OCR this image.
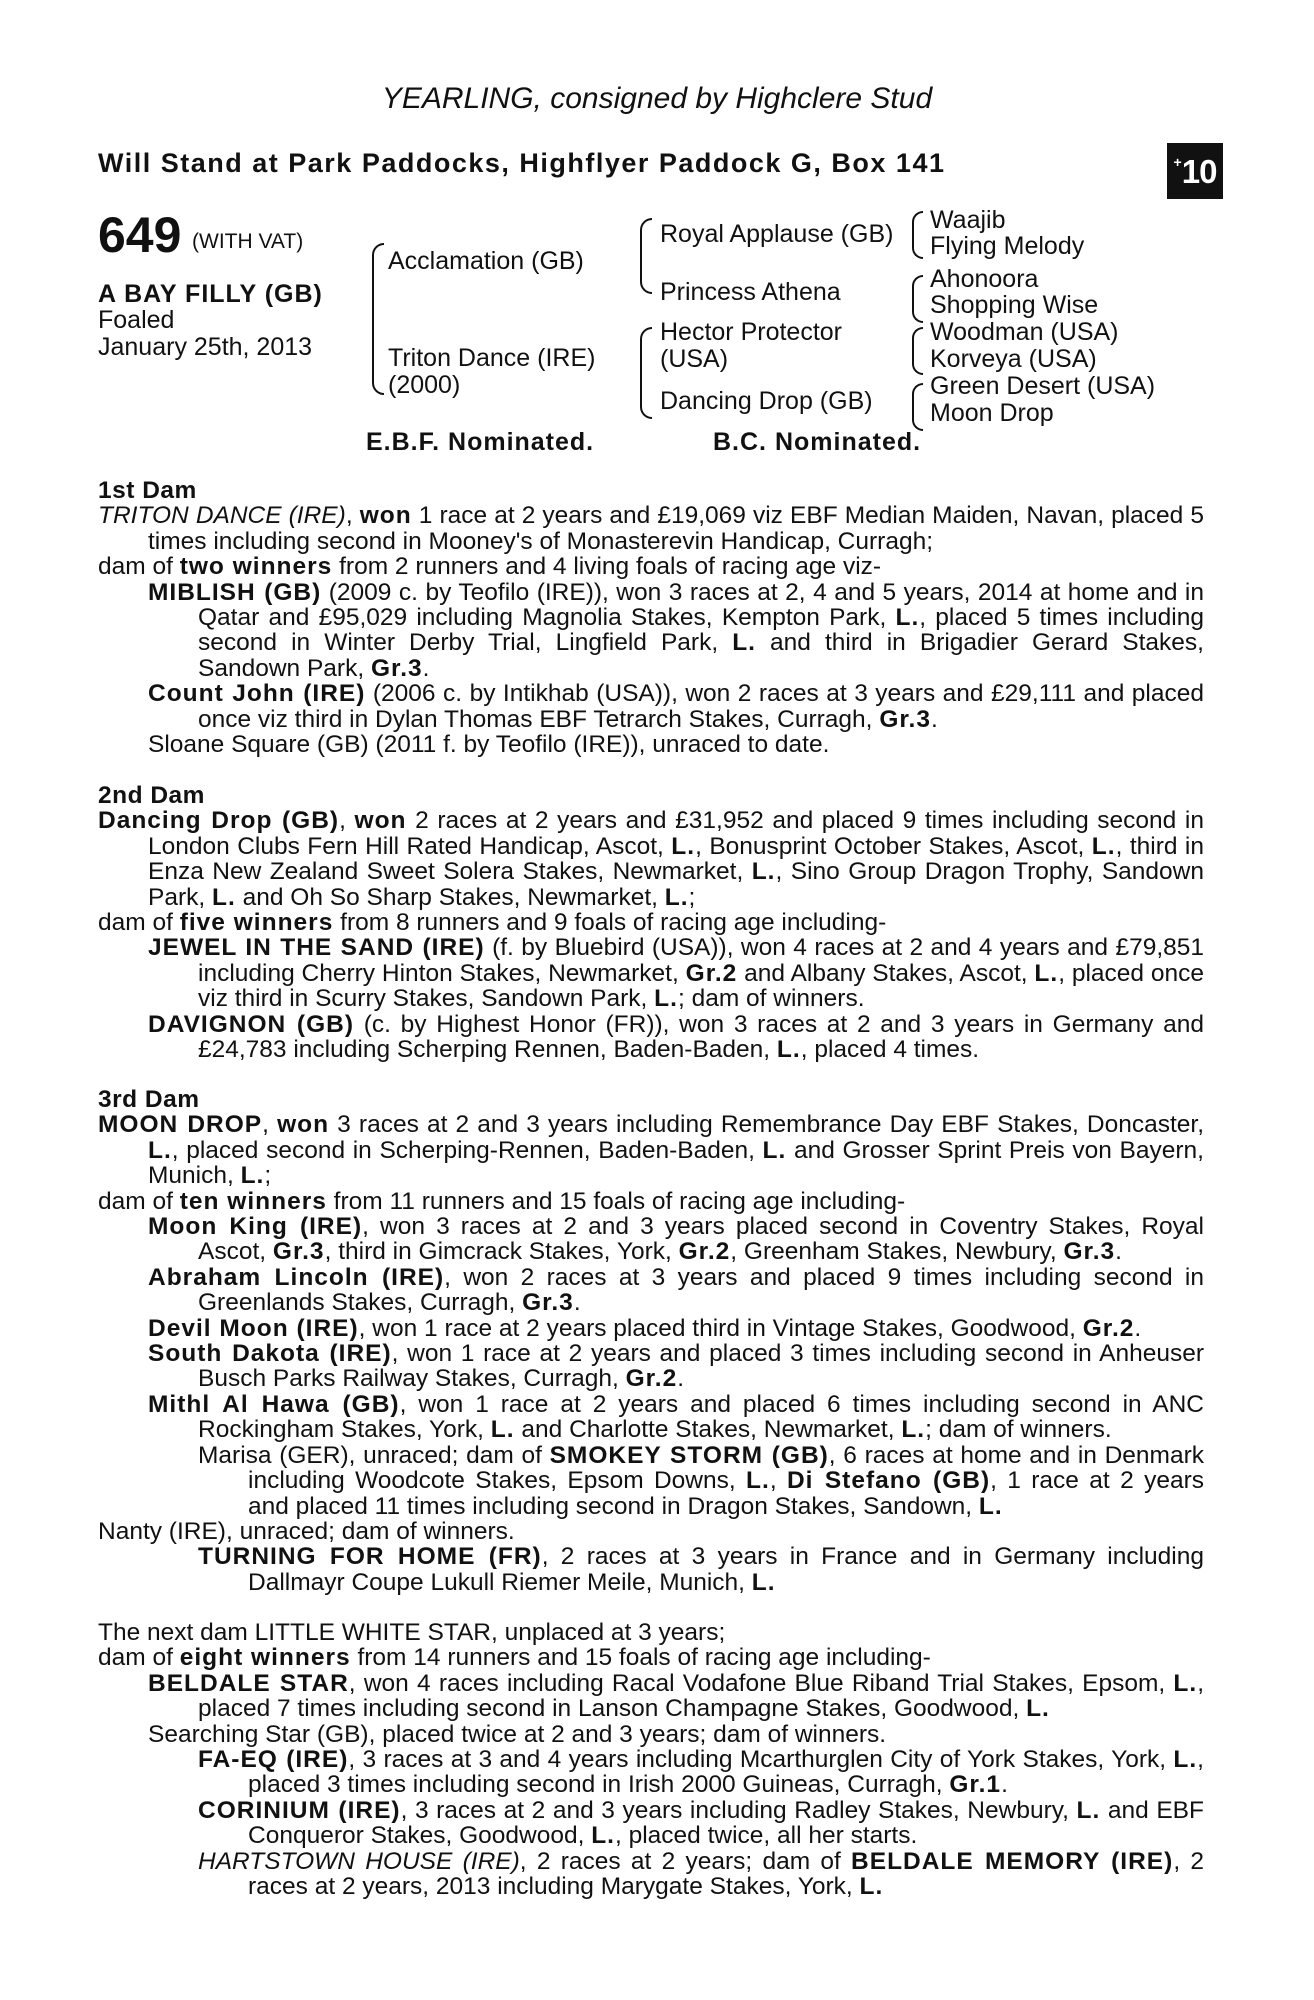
YEARLING, consigned by Highclere Stud
Will Stand at Park Paddocks, Highflyer Paddock G, Box 141	+10
649 (WITH VAT)
A BAY FILLY (GB)
Foaled
January 25th, 2013
Acclamation (GB)
Triton Dance (IRE)
(2000)
Royal Applause (GB)
Princess Athena
Hector Protector
(USA)
Dancing Drop (GB)
Waajib
Flying Melody
Ahonoora
Shopping Wise
Woodman (USA)
Korveya (USA)
Green Desert (USA)
Moon Drop
E.B.F. Nominated.	B.C. Nominated.
1st Dam
TRITON DANCE (IRE), won 1 race at 2 years and £19,069 viz EBF Median Maiden, Navan, placed 5 times including second in Mooney's of Monasterevin Handicap, Curragh;
dam of two winners from 2 runners and 4 living foals of racing age viz-
MIBLISH (GB) (2009 c. by Teofilo (IRE)), won 3 races at 2, 4 and 5 years, 2014 at home and in Qatar and £95,029 including Magnolia Stakes, Kempton Park, L., placed 5 times including second in Winter Derby Trial, Lingfield Park, L. and third in Brigadier Gerard Stakes, Sandown Park, Gr.3.
Count John (IRE) (2006 c. by Intikhab (USA)), won 2 races at 3 years and £29,111 and placed once viz third in Dylan Thomas EBF Tetrarch Stakes, Curragh, Gr.3.
Sloane Square (GB) (2011 f. by Teofilo (IRE)), unraced to date.
2nd Dam
Dancing Drop (GB), won 2 races at 2 years and £31,952 and placed 9 times including second in London Clubs Fern Hill Rated Handicap, Ascot, L., Bonusprint October Stakes, Ascot, L., third in Enza New Zealand Sweet Solera Stakes, Newmarket, L., Sino Group Dragon Trophy, Sandown Park, L. and Oh So Sharp Stakes, Newmarket, L.;
dam of five winners from 8 runners and 9 foals of racing age including-
JEWEL IN THE SAND (IRE) (f. by Bluebird (USA)), won 4 races at 2 and 4 years and £79,851 including Cherry Hinton Stakes, Newmarket, Gr.2 and Albany Stakes, Ascot, L., placed once viz third in Scurry Stakes, Sandown Park, L.; dam of winners.
DAVIGNON (GB) (c. by Highest Honor (FR)), won 3 races at 2 and 3 years in Germany and £24,783 including Scherping Rennen, Baden-Baden, L., placed 4 times.
3rd Dam
MOON DROP, won 3 races at 2 and 3 years including Remembrance Day EBF Stakes, Doncaster, L., placed second in Scherping-Rennen, Baden-Baden, L. and Grosser Sprint Preis von Bayern, Munich, L.;
dam of ten winners from 11 runners and 15 foals of racing age including-
Moon King (IRE), won 3 races at 2 and 3 years placed second in Coventry Stakes, Royal Ascot, Gr.3, third in Gimcrack Stakes, York, Gr.2, Greenham Stakes, Newbury, Gr.3.
Abraham Lincoln (IRE), won 2 races at 3 years and placed 9 times including second in Greenlands Stakes, Curragh, Gr.3.
Devil Moon (IRE), won 1 race at 2 years placed third in Vintage Stakes, Goodwood, Gr.2.
South Dakota (IRE), won 1 race at 2 years and placed 3 times including second in Anheuser Busch Parks Railway Stakes, Curragh, Gr.2.
Mithl Al Hawa (GB), won 1 race at 2 years and placed 6 times including second in ANC Rockingham Stakes, York, L. and Charlotte Stakes, Newmarket, L.; dam of winners.
Marisa (GER), unraced; dam of SMOKEY STORM (GB), 6 races at home and in Denmark including Woodcote Stakes, Epsom Downs, L., Di Stefano (GB), 1 race at 2 years and placed 11 times including second in Dragon Stakes, Sandown, L.
Nanty (IRE), unraced; dam of winners.
TURNING FOR HOME (FR), 2 races at 3 years in France and in Germany including Dallmayr Coupe Lukull Riemer Meile, Munich, L.
The next dam LITTLE WHITE STAR, unplaced at 3 years;
dam of eight winners from 14 runners and 15 foals of racing age including-
BELDALE STAR, won 4 races including Racal Vodafone Blue Riband Trial Stakes, Epsom, L., placed 7 times including second in Lanson Champagne Stakes, Goodwood, L.
Searching Star (GB), placed twice at 2 and 3 years; dam of winners.
FA-EQ (IRE), 3 races at 3 and 4 years including Mcarthurglen City of York Stakes, York, L., placed 3 times including second in Irish 2000 Guineas, Curragh, Gr.1.
CORINIUM (IRE), 3 races at 2 and 3 years including Radley Stakes, Newbury, L. and EBF Conqueror Stakes, Goodwood, L., placed twice, all her starts.
HARTSTOWN HOUSE (IRE), 2 races at 2 years; dam of BELDALE MEMORY (IRE), 2 races at 2 years, 2013 including Marygate Stakes, York, L.
